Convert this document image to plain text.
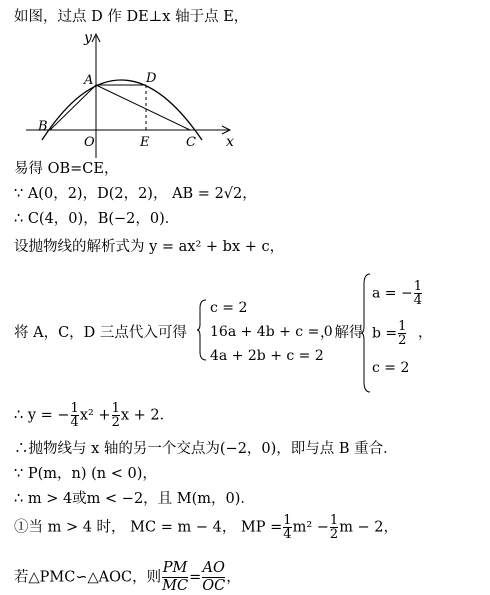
如图，过点 D 作 DE⊥x 轴于点 E，
y
x
A	D
B
O	E	C
易得 OB=CE，
∵ A(0，2)，D(2，2)， AB = 2√2，
∴ C(4，0)，B(−2，0)．
设抛物线的解析式为 y = ax² + bx + c，
将 A，C，D 三点代入可得
c = 2
16a + 4b + c = 0
4a + 2b + c = 2
，解得
a = − $\frac{1}{4}$
$b = \frac{1}{2}$
c = 2
，
∴ y = − $\frac{1}{4} x^2 + \frac{1}{2}$ x + 2．
∴抛物线与 x 轴的另一个交点为(−2，0)，即与点 B 重合．
∵ P(m，n) (n < 0)，
∴ m > 4或m < −2，且 M(m，0)．
①当 m > 4 时， MC = m − 4， MP = $\frac{1}{4} m^2 - \frac{1}{2}$ m − 2，
若△PMC∽△AOC，则 $\frac{PM}{MC} = \frac{AO}{OC}$ ，
